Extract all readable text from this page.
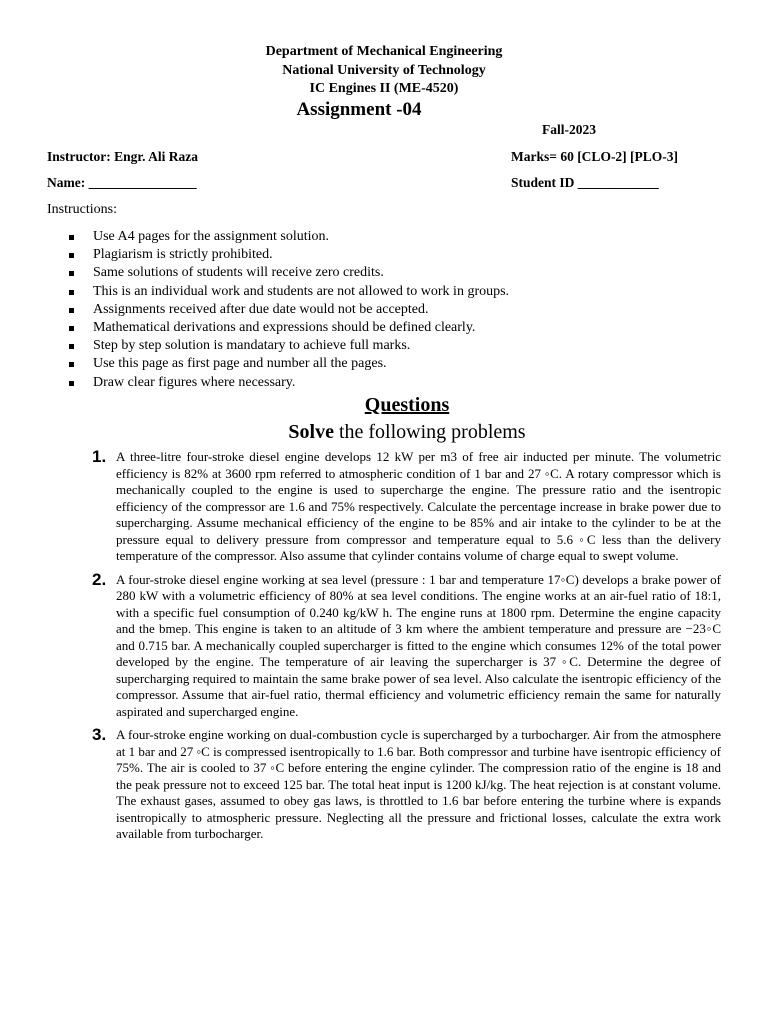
Department of Mechanical Engineering
National University of Technology
IC Engines II (ME-4520)
Assignment -04
Fall-2023
Instructor: Engr. Ali Raza	Marks= 60 [CLO-2] [PLO-3]
Name: ________________	Student ID ____________
Instructions:
Use A4 pages for the assignment solution.
Plagiarism is strictly prohibited.
Same solutions of students will receive zero credits.
This is an individual work and students are not allowed to work in groups.
Assignments received after due date would not be accepted.
Mathematical derivations and expressions should be defined clearly.
Step by step solution is mandatary to achieve full marks.
Use this page as first page and number all the pages.
Draw clear figures where necessary.
Questions
Solve the following problems
1. A three-litre four-stroke diesel engine develops 12 kW per m3 of free air inducted per minute. The volumetric efficiency is 82% at 3600 rpm referred to atmospheric condition of 1 bar and 27 ◦C. A rotary compressor which is mechanically coupled to the engine is used to supercharge the engine. The pressure ratio and the isentropic efficiency of the compressor are 1.6 and 75% respectively. Calculate the percentage increase in brake power due to supercharging. Assume mechanical efficiency of the engine to be 85% and air intake to the cylinder to be at the pressure equal to delivery pressure from compressor and temperature equal to 5.6 ◦C less than the delivery temperature of the compressor. Also assume that cylinder contains volume of charge equal to swept volume.
2. A four-stroke diesel engine working at sea level (pressure : 1 bar and temperature 17◦C) develops a brake power of 280 kW with a volumetric efficiency of 80% at sea level conditions. The engine works at an air-fuel ratio of 18:1, with a specific fuel consumption of 0.240 kg/kW h. The engine runs at 1800 rpm. Determine the engine capacity and the bmep. This engine is taken to an altitude of 3 km where the ambient temperature and pressure are −23◦C and 0.715 bar. A mechanically coupled supercharger is fitted to the engine which consumes 12% of the total power developed by the engine. The temperature of air leaving the supercharger is 37 ◦C. Determine the degree of supercharging required to maintain the same brake power of sea level. Also calculate the isentropic efficiency of the compressor. Assume that air-fuel ratio, thermal efficiency and volumetric efficiency remain the same for naturally aspirated and supercharged engine.
3. A four-stroke engine working on dual-combustion cycle is supercharged by a turbocharger. Air from the atmosphere at 1 bar and 27 ◦C is compressed isentropically to 1.6 bar. Both compressor and turbine have isentropic efficiency of 75%. The air is cooled to 37 ◦C before entering the engine cylinder. The compression ratio of the engine is 18 and the peak pressure not to exceed 125 bar. The total heat input is 1200 kJ/kg. The heat rejection is at constant volume. The exhaust gases, assumed to obey gas laws, is throttled to 1.6 bar before entering the turbine where is expands isentropically to atmospheric pressure. Neglecting all the pressure and frictional losses, calculate the extra work available from turbocharger.
